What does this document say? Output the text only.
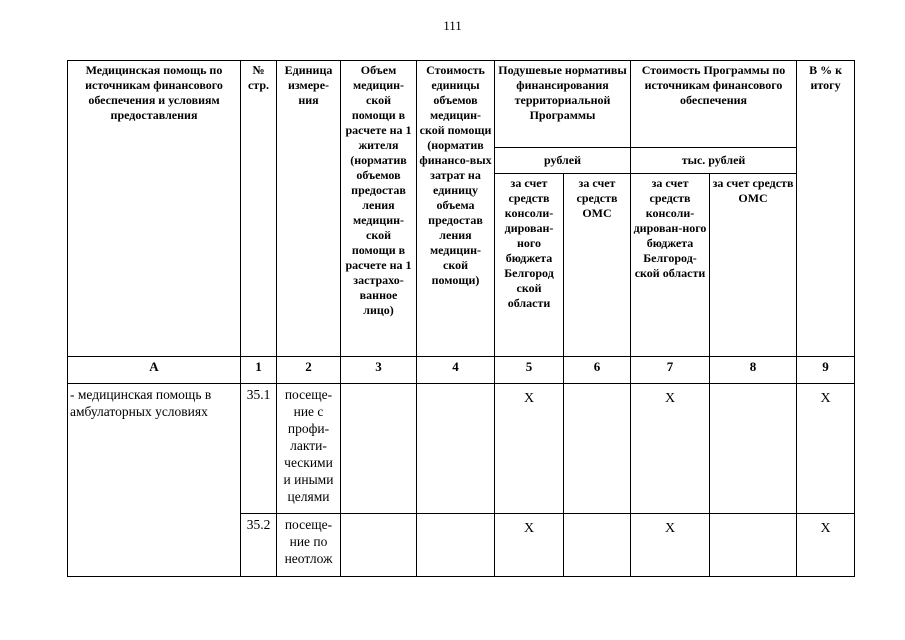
111
Медицинская помощь по источникам финансового обеспечения и условиям предоставления	№ стр.	Единица измере-ния	Объем медицин-ской помощи в расчете на 1 жителя (норматив объемов предостав ления медицин-ской помощи в расчете на 1 застрахо-ванное лицо)	Стоимость единицы объемов медицин-ской помощи (норматив финансо-вых затрат на единицу объема предостав ления медицин-ской помощи)	Подушевые нормативы финансирования территориальной Программы		Стоимость Программы по источникам финансового обеспечения		В % к итогу
					рублей		тыс. рублей		
					за счет средств консоли-дирован-ного бюджета Белгород ской области	за счет средств ОМС	за счет средств консоли-дирован-ного бюджета Белгород-ской области	за счет средств ОМС	
А	1	2	3	4	5	6	7	8	9
- медицинская помощь в амбулаторных условиях	35.1	посеще-ние с профи-лакти-ческими и иными целями			Х		Х		Х
	35.2	посеще-ние по неотлож			Х		Х		Х
